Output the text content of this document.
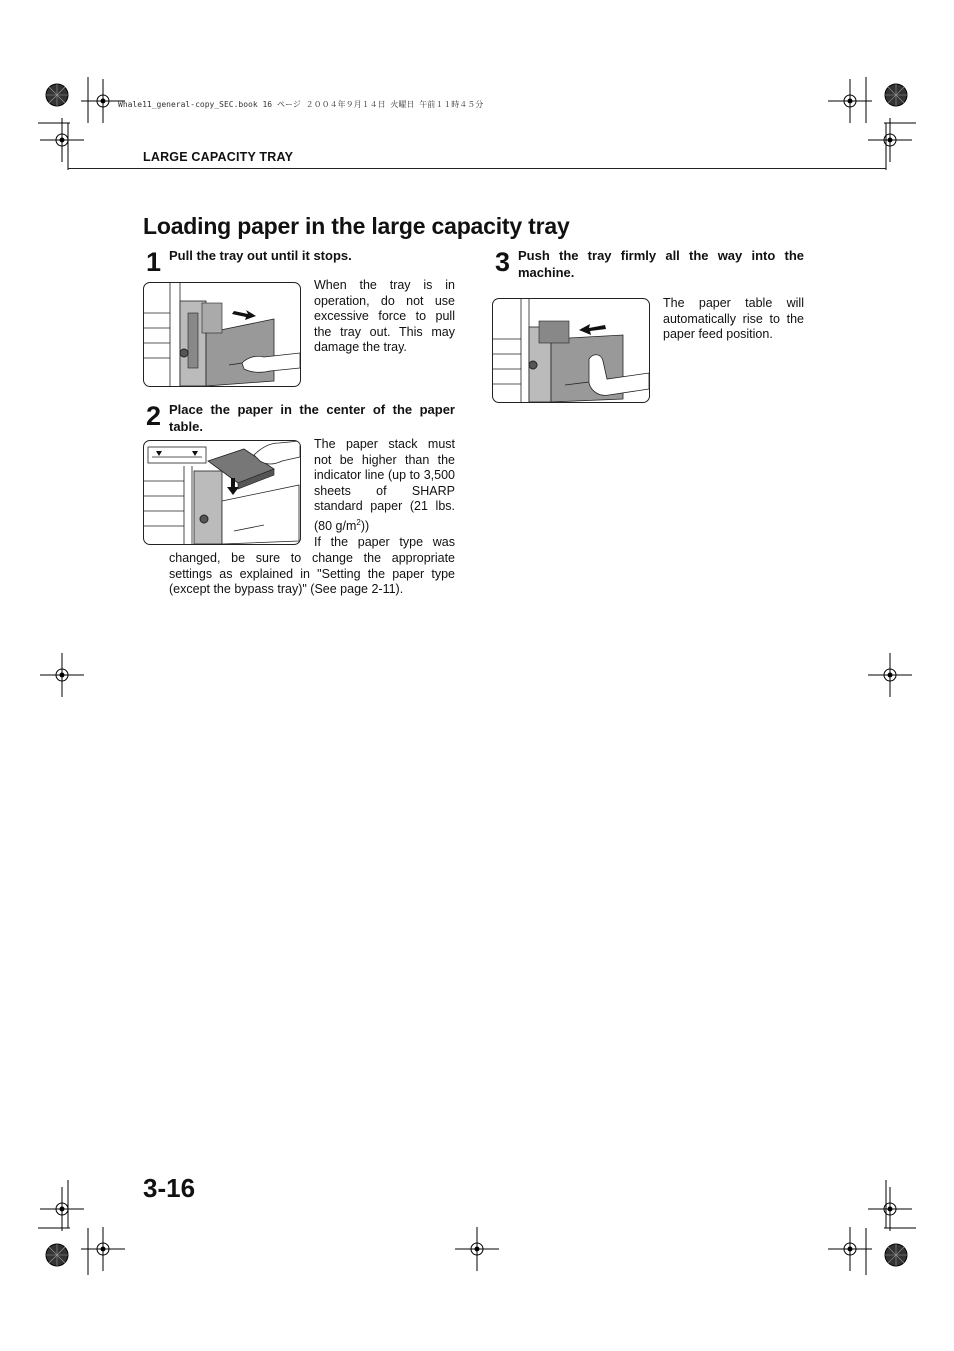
Whale11_general-copy_SEC.book 16 ページ ２００４年９月１４日 火曜日 午前１１時４５分
LARGE CAPACITY TRAY
Loading paper in the large capacity tray
1 Pull the tray out until it stops.
When the tray is in operation, do not use excessive force to pull the tray out. This may damage the tray.
2 Place the paper in the center of the paper table.
The paper stack must not be higher than the indicator line (up to 3,500 sheets of SHARP standard paper (21 lbs. (80 $g/m^2$))
If the paper type was
changed, be sure to change the appropriate settings as explained in "Setting the paper type (except the bypass tray)" (See page 2-11).
3 Push the tray firmly all the way into the machine.
The paper table will automatically rise to the paper feed position.
3-16
